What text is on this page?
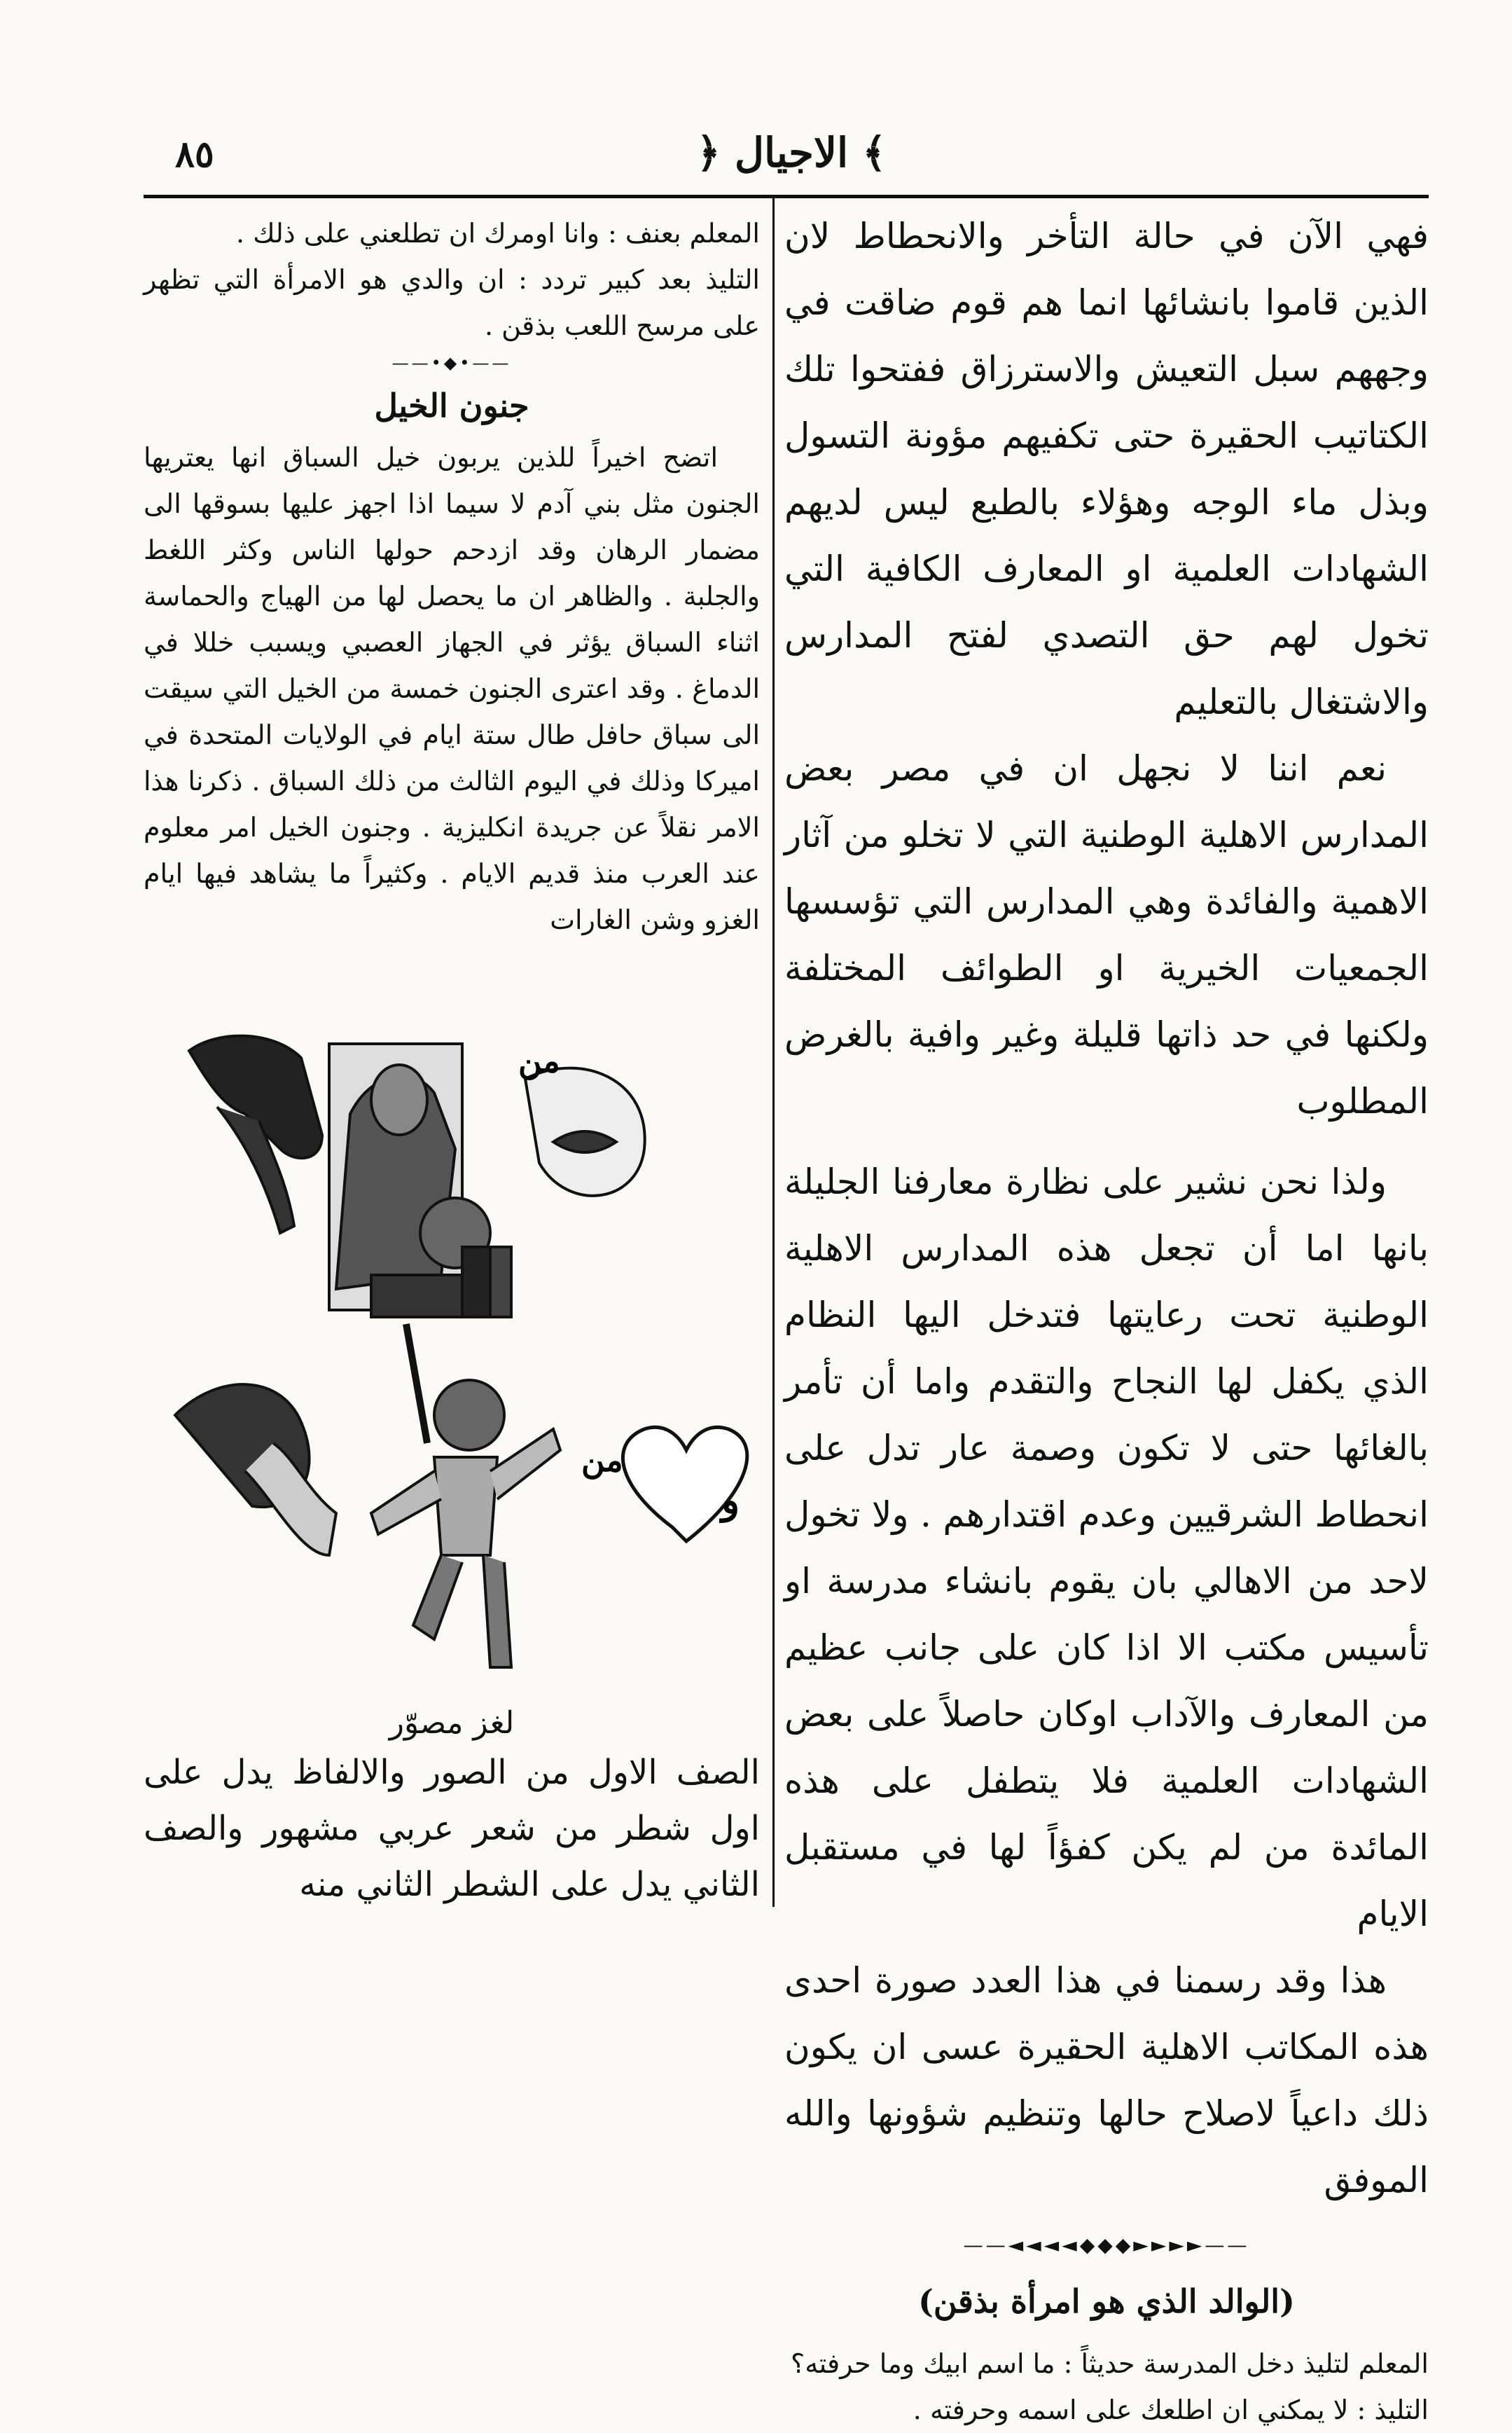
٨٥	﴿ الاجيال ﴾

فهي الآن في حالة التأخر والانحطاط لان الذين قاموا بانشائها انما هم قوم ضاقت في وجههم سبل التعيش والاسترزاق ففتحوا تلك الكتاتيب الحقيرة حتى تكفيهم مؤونة التسول وبذل ماء الوجه وهؤلاء بالطبع ليس لديهم الشهادات العلمية او المعارف الكافية التي تخول لهم حق التصدي لفتح المدارس والاشتغال بالتعليم

نعم اننا لا نجهل ان في مصر بعض المدارس الاهلية الوطنية التي لا تخلو من آثار الاهمية والفائدة وهي المدارس التي تؤسسها الجمعيات الخيرية او الطوائف المختلفة ولكنها في حد ذاتها قليلة وغير وافية بالغرض المطلوب

ولذا نحن نشير على نظارة معارفنا الجليلة بانها اما أن تجعل هذه المدارس الاهلية الوطنية تحت رعايتها فتدخل اليها النظام الذي يكفل لها النجاح والتقدم واما أن تأمر بالغائها حتى لا تكون وصمة عار تدل على انحطاط الشرقيين وعدم اقتدارهم . ولا تخول لاحد من الاهالي بان يقوم بانشاء مدرسة او تأسيس مكتب الا اذا كان على جانب عظيم من المعارف والآداب اوكان حاصلاً على بعض الشهادات العلمية فلا يتطفل على هذه المائدة من لم يكن كفؤاً لها في مستقبل الايام

هذا وقد رسمنا في هذا العدد صورة احدى هذه المكاتب الاهلية الحقيرة عسى ان يكون ذلك داعياً لاصلاح حالها وتنظيم شؤونها والله الموفق

——►►►►◆◆◆◄◄◄◄——
(الوالد الذي هو امرأة بذقن)

المعلم لتليذ دخل المدرسة حديثاً : ما اسم ابيك وما حرفته؟

التليذ : لا يمكني ان اطلعك على اسمه وحرفته .

المعلم بعنف : وانا اومرك ان تطلعني على ذلك .

التليذ بعد كبير تردد : ان والدي هو الامرأة التي تظهر على مرسح اللعب بذقن .

——•◆•——
جنون الخيل

اتضح اخيراً للذين يربون خيل السباق انها يعتريها الجنون مثل بني آدم لا سيما اذا اجهز عليها بسوقها الى مضمار الرهان وقد ازدحم حولها الناس وكثر اللغط والجلبة . والظاهر ان ما يحصل لها من الهياج والحماسة اثناء السباق يؤثر في الجهاز العصبي ويسبب خللا في الدماغ . وقد اعترى الجنون خمسة من الخيل التي سيقت الى سباق حافل طال ستة ايام في الولايات المتحدة في اميركا وذلك في اليوم الثالث من ذلك السباق . ذكرنا هذا الامر نقلاً عن جريدة انكليزية . وجنون الخيل امر معلوم عند العرب منذ قديم الايام . وكثيراً ما يشاهد فيها ايام الغزو وشن الغارات

من
من
و
لغز مصوّر

الصف الاول من الصور والالفاظ يدل على اول شطر من شعر عربي مشهور والصف الثاني يدل على الشطر الثاني منه
